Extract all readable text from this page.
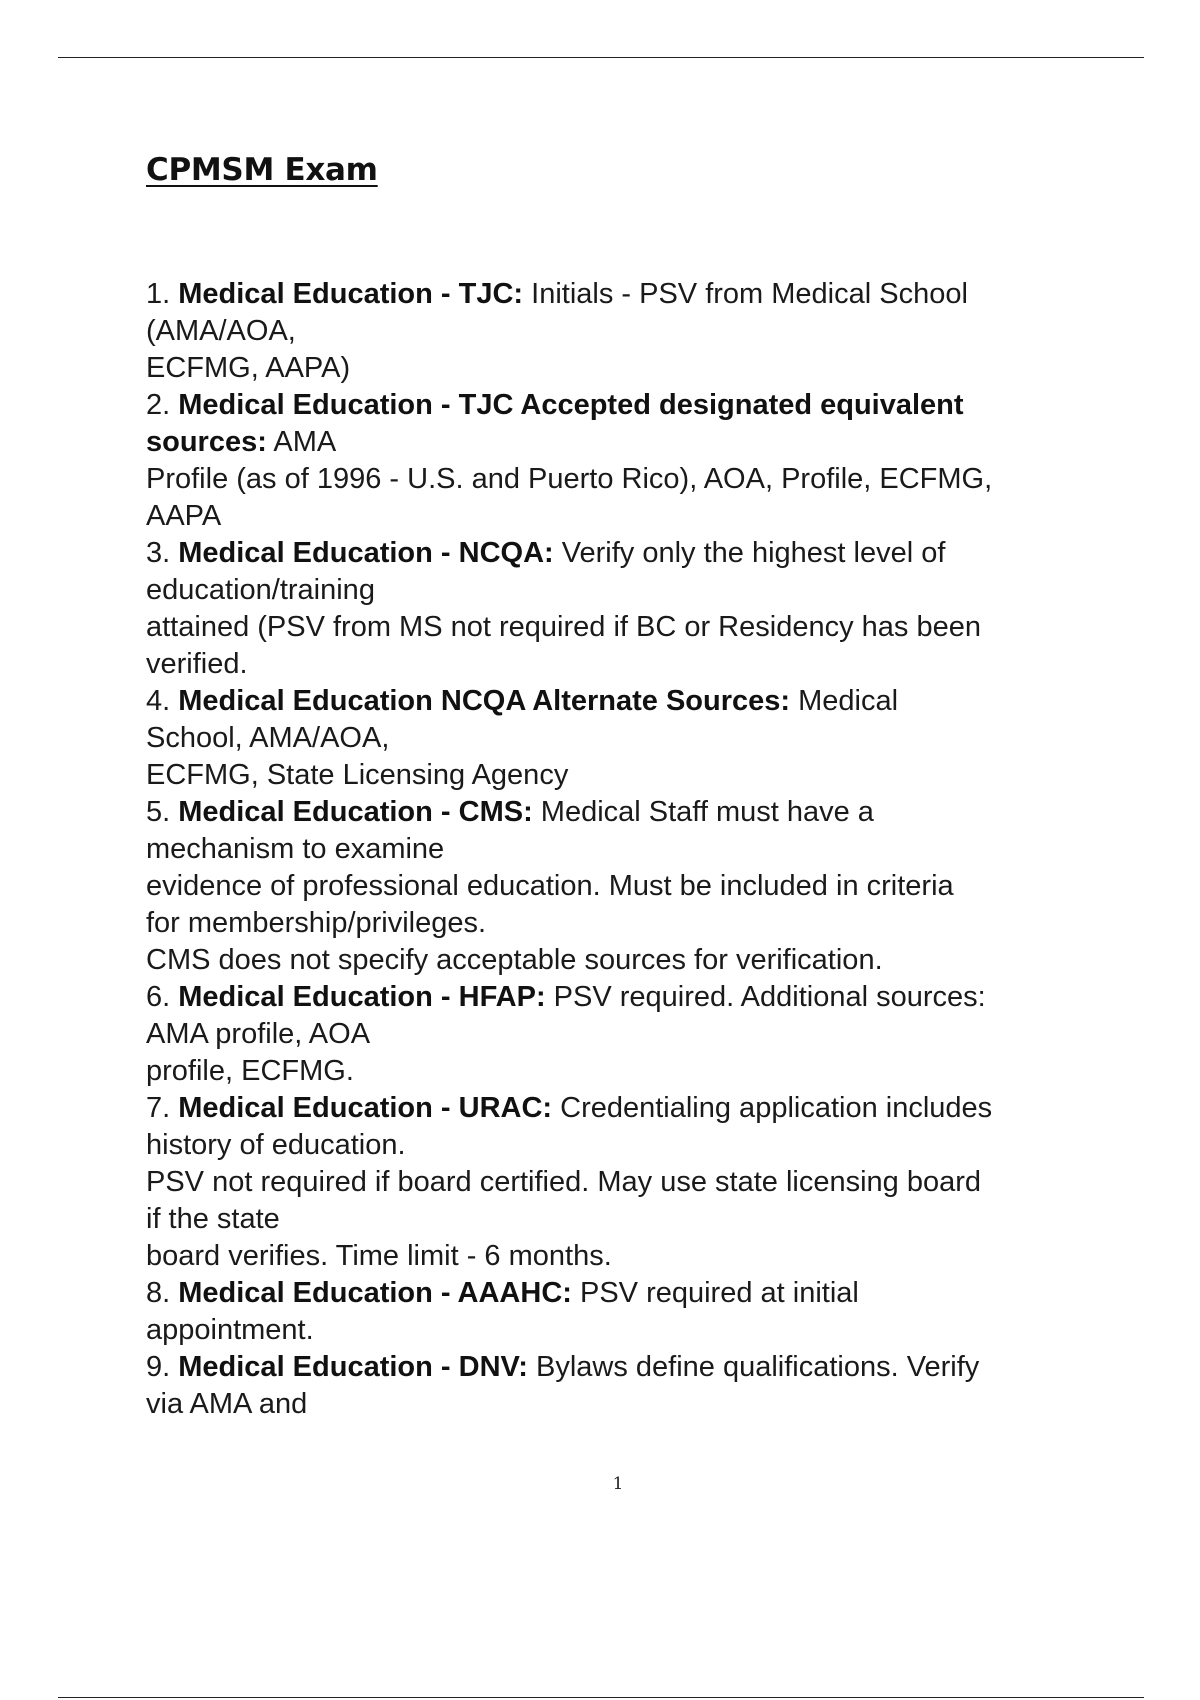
CPMSM Exam
1. Medical Education - TJC: Initials - PSV from Medical School
(AMA/AOA,
ECFMG, AAPA)
2. Medical Education - TJC Accepted designated equivalent
sources: AMA
Profile (as of 1996 - U.S. and Puerto Rico), AOA, Profile, ECFMG,
AAPA
3. Medical Education - NCQA: Verify only the highest level of
education/training
attained (PSV from MS not required if BC or Residency has been
verified.
4. Medical Education NCQA Alternate Sources: Medical
School, AMA/AOA,
ECFMG, State Licensing Agency
5. Medical Education - CMS: Medical Staff must have a
mechanism to examine
evidence of professional education. Must be included in criteria
for membership/privileges.
CMS does not specify acceptable sources for verification.
6. Medical Education - HFAP: PSV required. Additional sources:
AMA profile, AOA
profile, ECFMG.
7. Medical Education - URAC: Credentialing application includes
history of education.
PSV not required if board certified. May use state licensing board
if the state
board verifies. Time limit - 6 months.
8. Medical Education - AAAHC: PSV required at initial
appointment.
9. Medical Education - DNV: Bylaws define qualifications. Verify
via AMA and
1
